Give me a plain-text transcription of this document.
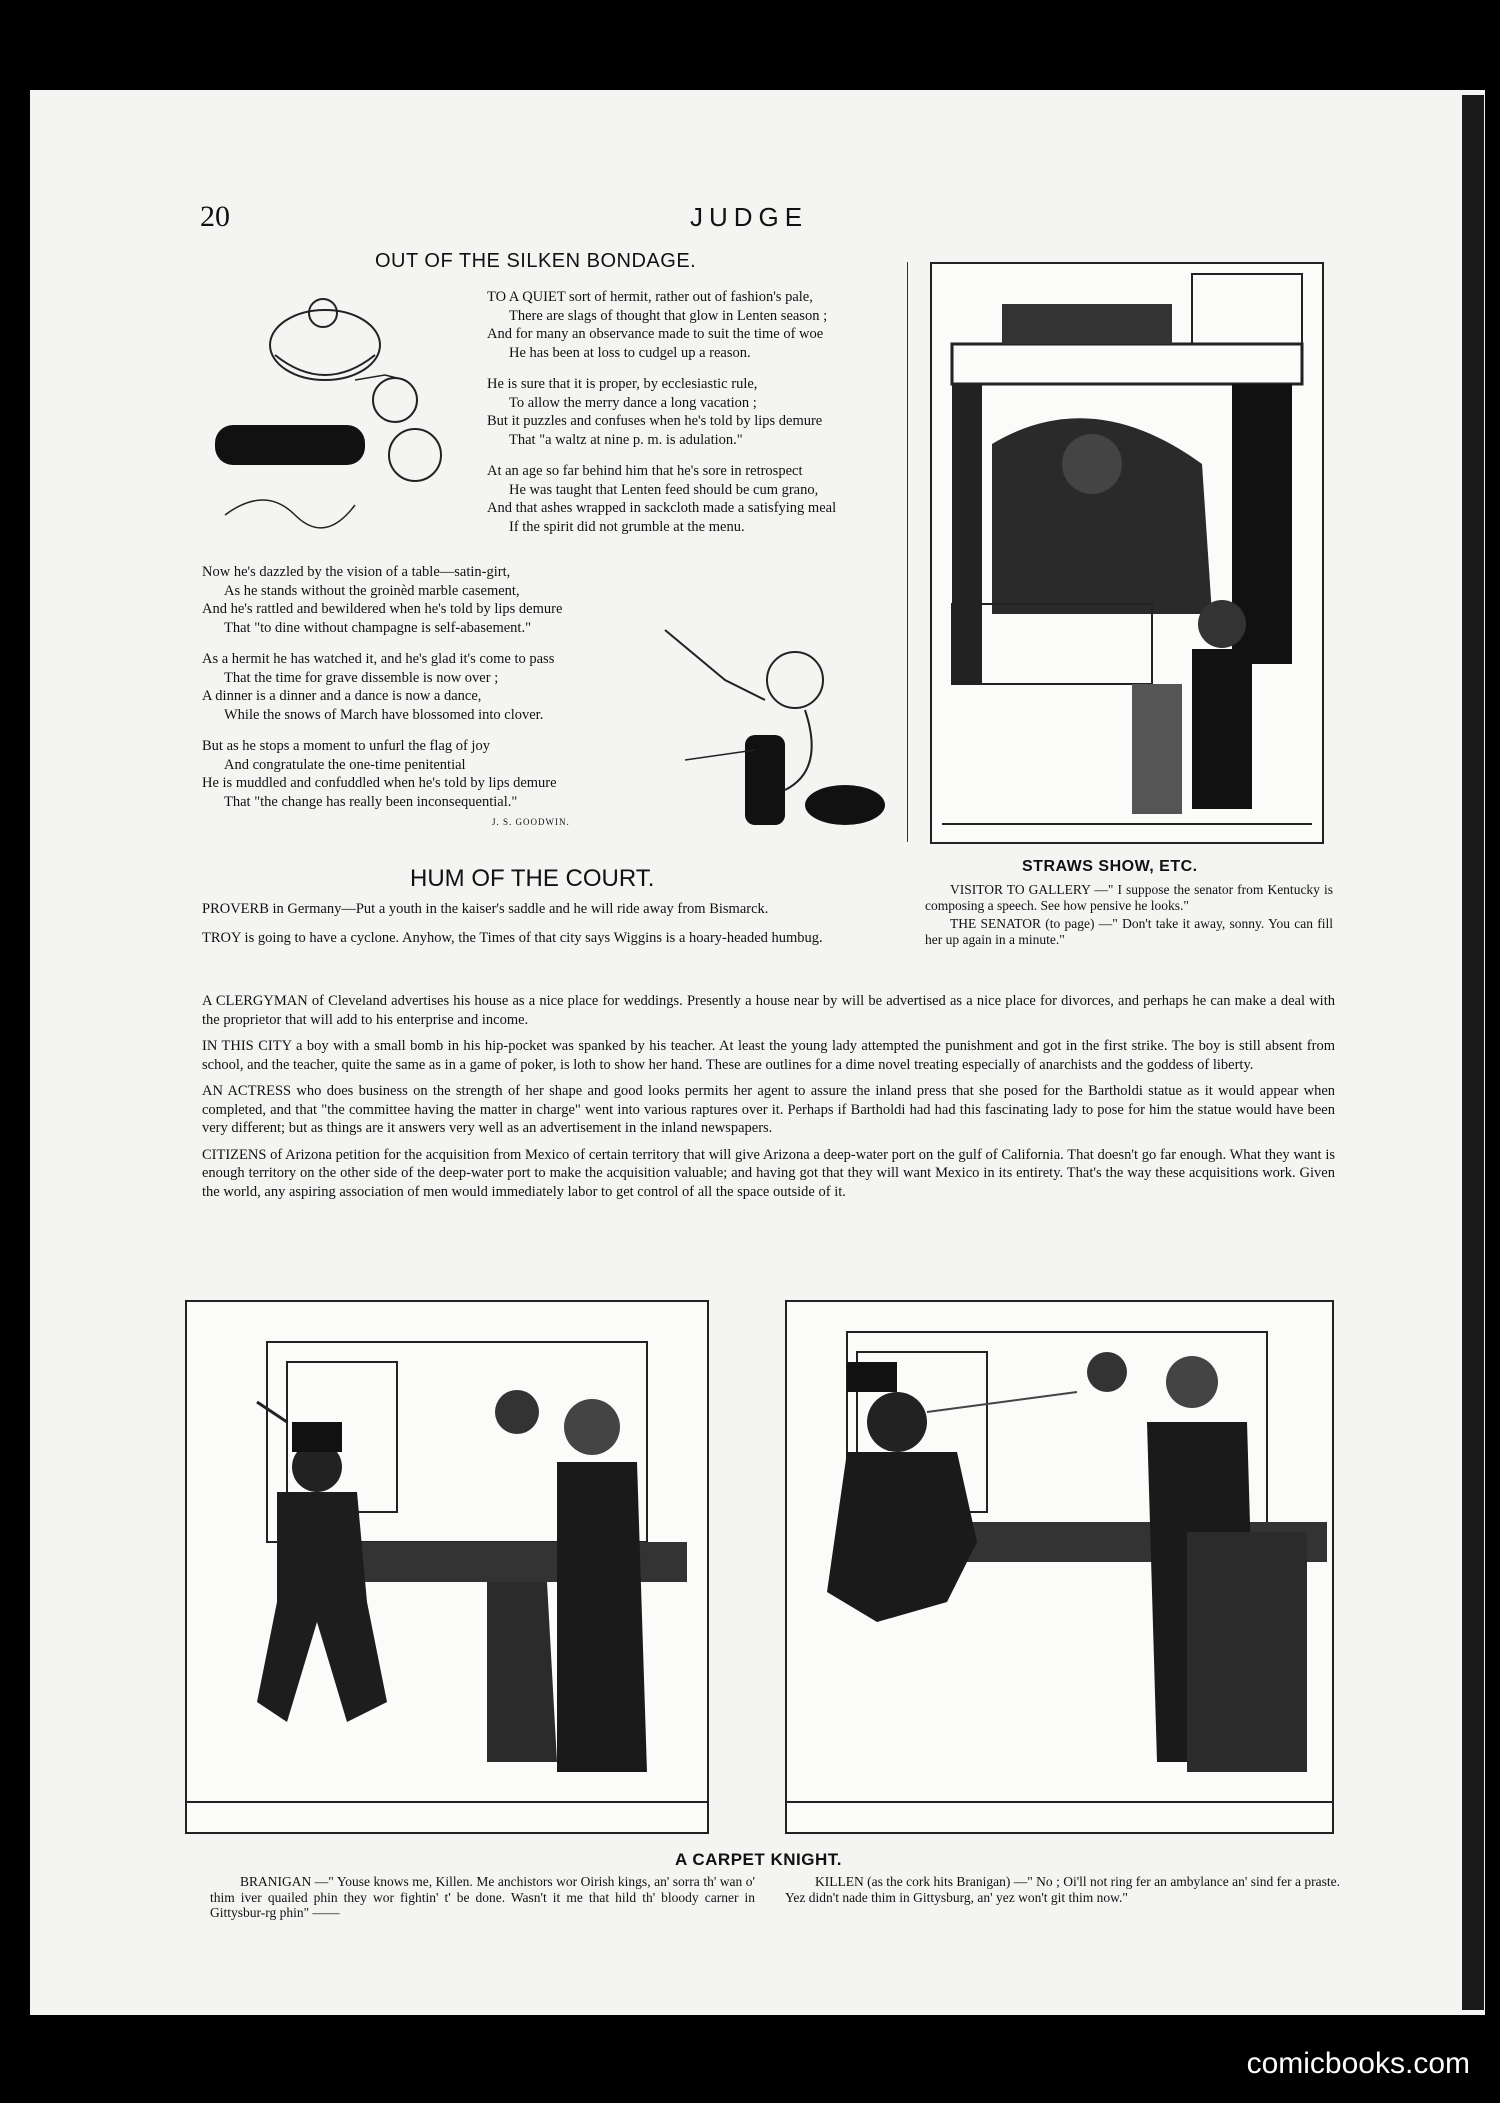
20	JUDGE
OUT OF THE SILKEN BONDAGE.

TO A QUIET sort of hermit, rather out of fashion's pale,
There are slags of thought that glow in Lenten season ;
And for many an observance made to suit the time of woe
He has been at loss to cudgel up a reason.

He is sure that it is proper, by ecclesiastic rule,
To allow the merry dance a long vacation ;
But it puzzles and confuses when he's told by lips demure
That "a waltz at nine p. m. is adulation."

At an age so far behind him that he's sore in retrospect
He was taught that Lenten feed should be cum grano,
And that ashes wrapped in sackcloth made a satisfying meal
If the spirit did not grumble at the menu.

Now he's dazzled by the vision of a table—satin-girt,
As he stands without the groinèd marble casement,
And he's rattled and bewildered when he's told by lips demure
That "to dine without champagne is self-abasement."

As a hermit he has watched it, and he's glad it's come to pass
That the time for grave dissemble is now over ;
A dinner is a dinner and a dance is now a dance,
While the snows of March have blossomed into clover.

But as he stops a moment to unfurl the flag of joy
And congratulate the one-time penitential
He is muddled and confuddled when he's told by lips demure
That "the change has really been inconsequential."

J. S. GOODWIN.
STRAWS SHOW, ETC.
VISITOR TO GALLERY —" I suppose the senator from Kentucky is composing a speech. See how pensive he looks."
THE SENATOR (to page) —" Don't take it away, sonny. You can fill her up again in a minute."
HUM OF THE COURT.

PROVERB in Germany—Put a youth in the kaiser's saddle and he will ride away from Bismarck.

TROY is going to have a cyclone. Anyhow, the Times of that city says Wiggins is a hoary-headed humbug.

A CLERGYMAN of Cleveland advertises his house as a nice place for weddings. Presently a house near by will be advertised as a nice place for divorces, and perhaps he can make a deal with the proprietor that will add to his enterprise and income.

IN THIS CITY a boy with a small bomb in his hip-pocket was spanked by his teacher. At least the young lady attempted the punishment and got in the first strike. The boy is still absent from school, and the teacher, quite the same as in a game of poker, is loth to show her hand. These are outlines for a dime novel treating especially of anarchists and the goddess of liberty.

AN ACTRESS who does business on the strength of her shape and good looks permits her agent to assure the inland press that she posed for the Bartholdi statue as it would appear when completed, and that "the committee having the matter in charge" went into various raptures over it. Perhaps if Bartholdi had had this fascinating lady to pose for him the statue would have been very different; but as things are it answers very well as an advertisement in the inland newspapers.

CITIZENS of Arizona petition for the acquisition from Mexico of certain territory that will give Arizona a deep-water port on the gulf of California. That doesn't go far enough. What they want is enough territory on the other side of the deep-water port to make the acquisition valuable; and having got that they will want Mexico in its entirety. That's the way these acquisitions work. Given the world, any aspiring association of men would immediately labor to get control of all the space outside of it.

A CARPET KNIGHT.
BRANIGAN —" Youse knows me, Killen. Me anchistors wor Oirish kings, an' sorra th' wan o' thim iver quailed phin they wor fightin' t' be done. Wasn't it me that hild th' bloody carner in Gittysbur-rg phin" ——
KILLEN (as the cork hits Branigan) —" No ; Oi'll not ring fer an ambylance an' sind fer a praste. Yez didn't nade thim in Gittysburg, an' yez won't git thim now."
comicbooks.com
